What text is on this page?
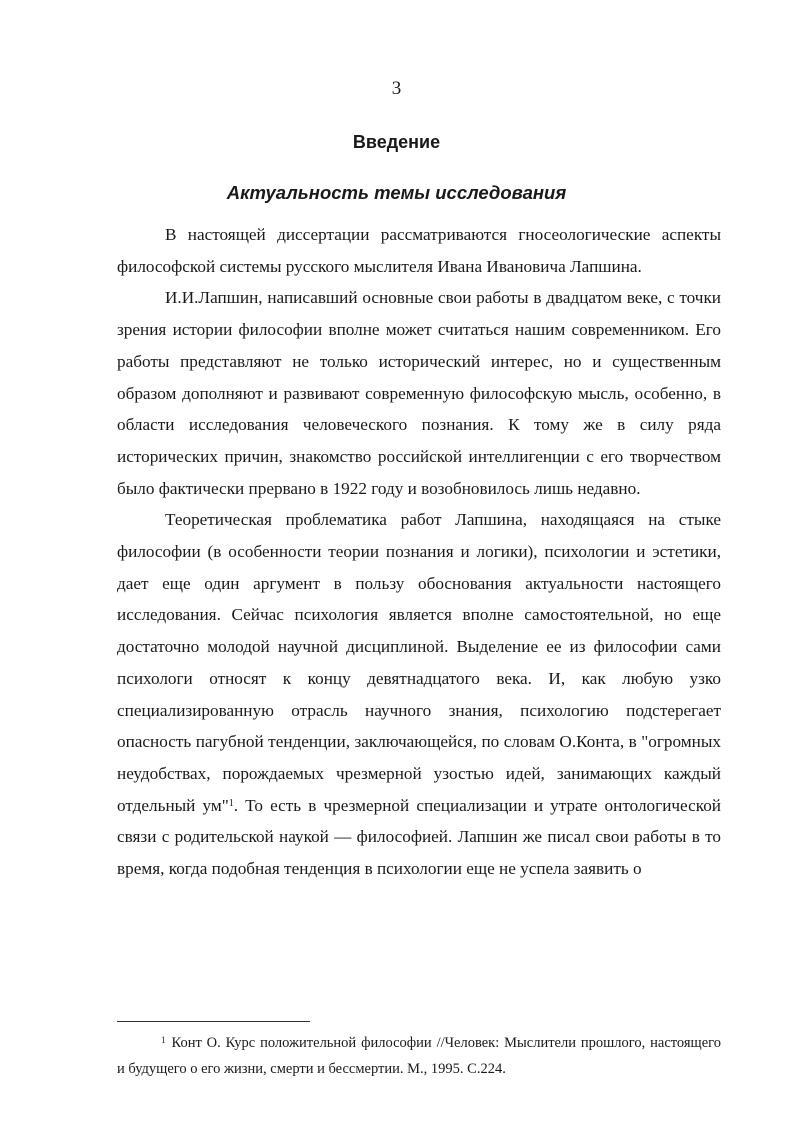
3
Введение
Актуальность темы исследования

В настоящей диссертации рассматриваются гносеологические аспекты философской системы русского мыслителя Ивана Ивановича Лапшина.

И.И.Лапшин, написавший основные свои работы в двадцатом веке, с точки зрения истории философии вполне может считаться нашим современником. Его работы представляют не только исторический интерес, но и существенным образом дополняют и развивают современную философскую мысль, особенно, в области исследования человеческого познания. К тому же в силу ряда исторических причин, знакомство российской интеллигенции с его творчеством было фактически прервано в 1922 году и возобновилось лишь недавно.

Теоретическая проблематика работ Лапшина, находящаяся на стыке философии (в особенности теории познания и логики), психологии и эстетики, дает еще один аргумент в пользу обоснования актуальности настоящего исследования. Сейчас психология является вполне самостоятельной, но еще достаточно молодой научной дисциплиной. Выделение ее из философии сами психологи относят к концу девятнадцатого века. И, как любую узко специализированную отрасль научного знания, психологию подстерегает опасность пагубной тенденции, заключающейся, по словам О.Конта, в "огромных неудобствах, порождаемых чрезмерной узостью идей, занимающих каждый отдельный ум"$^1$. То есть в чрезмерной специализации и утрате онтологической связи с родительской наукой — философией. Лапшин же писал свои работы в то время, когда подобная тенденция в психологии еще не успела заявить о

$^1$ Конт О. Курс положительной философии //Человек: Мыслители прошлого, настоящего и будущего о его жизни, смерти и бессмертии. М., 1995. С.224.
